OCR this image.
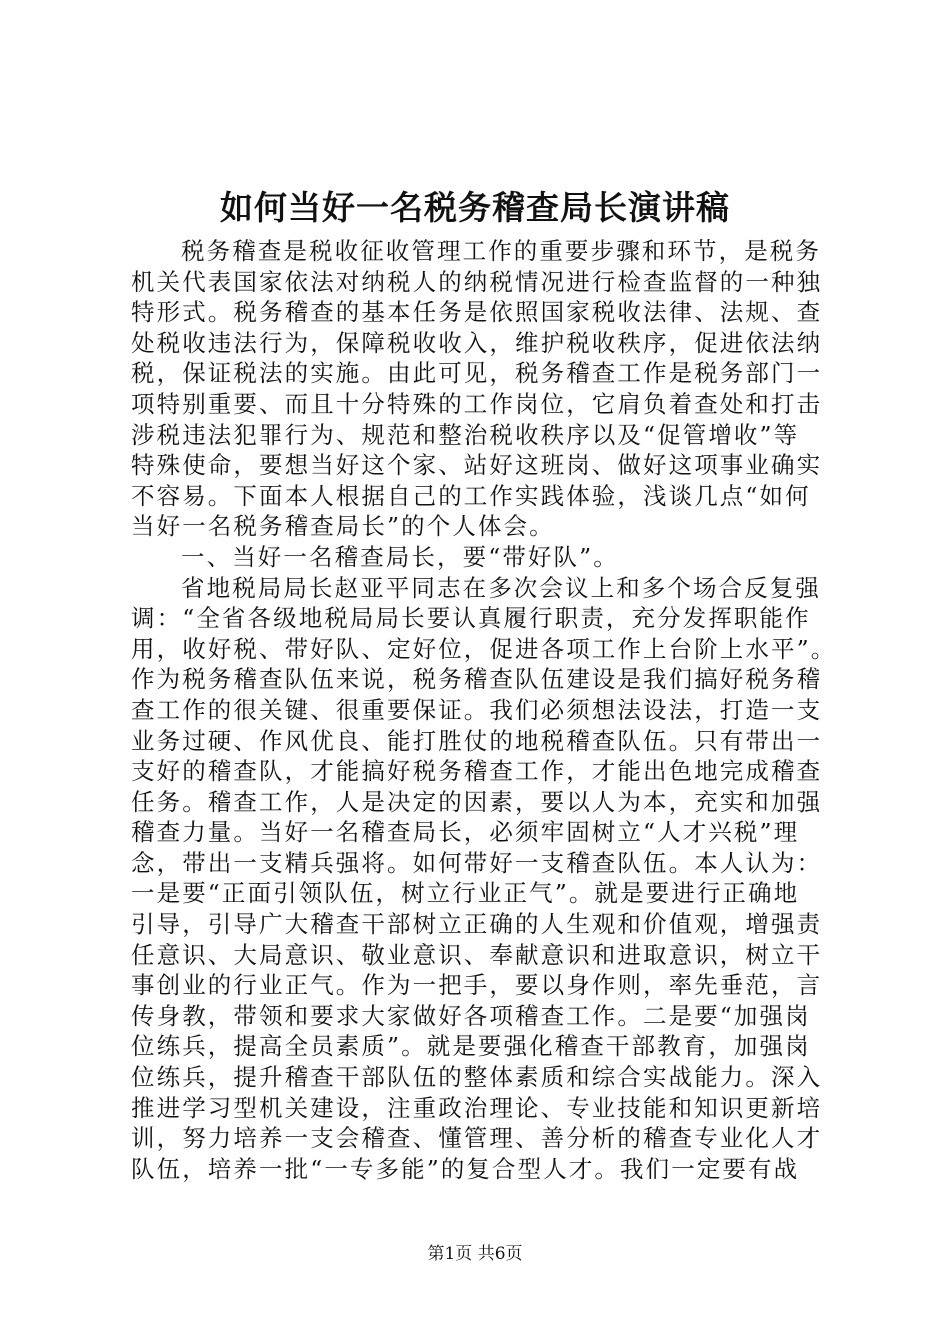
如何当好一名税务稽查局长演讲稿
税务稽查是税收征收管理工作的重要步骤和环节，是税务
机关代表国家依法对纳税人的纳税情况进行检查监督的一种独
特形式。税务稽查的基本任务是依照国家税收法律、法规、查
处税收违法行为，保障税收收入，维护税收秩序，促进依法纳
税，保证税法的实施。由此可见，税务稽查工作是税务部门一
项特别重要、而且十分特殊的工作岗位，它肩负着查处和打击
涉税违法犯罪行为、规范和整治税收秩序以及“促管增收”等
特殊使命，要想当好这个家、站好这班岗、做好这项事业确实
不容易。下面本人根据自己的工作实践体验，浅谈几点“如何
当好一名税务稽查局长”的个人体会。
一、当好一名稽查局长，要“带好队”。
省地税局局长赵亚平同志在多次会议上和多个场合反复强
调：“全省各级地税局局长要认真履行职责，充分发挥职能作
用，收好税、带好队、定好位，促进各项工作上台阶上水平”。
作为税务稽查队伍来说，税务稽查队伍建设是我们搞好税务稽
查工作的很关键、很重要保证。我们必须想法设法，打造一支
业务过硬、作风优良、能打胜仗的地税稽查队伍。只有带出一
支好的稽查队，才能搞好税务稽查工作，才能出色地完成稽查
任务。稽查工作，人是决定的因素，要以人为本，充实和加强
稽查力量。当好一名稽查局长，必须牢固树立“人才兴税”理
念，带出一支精兵强将。如何带好一支稽查队伍。本人认为：
一是要“正面引领队伍，树立行业正气”。就是要进行正确地
引导，引导广大稽查干部树立正确的人生观和价值观，增强责
任意识、大局意识、敬业意识、奉献意识和进取意识，树立干
事创业的行业正气。作为一把手，要以身作则，率先垂范，言
传身教，带领和要求大家做好各项稽查工作。二是要“加强岗
位练兵，提高全员素质”。就是要强化稽查干部教育，加强岗
位练兵，提升稽查干部队伍的整体素质和综合实战能力。深入
推进学习型机关建设，注重政治理论、专业技能和知识更新培
训，努力培养一支会稽查、懂管理、善分析的稽查专业化人才
队伍，培养一批“一专多能”的复合型人才。我们一定要有战
第1页 共6页
